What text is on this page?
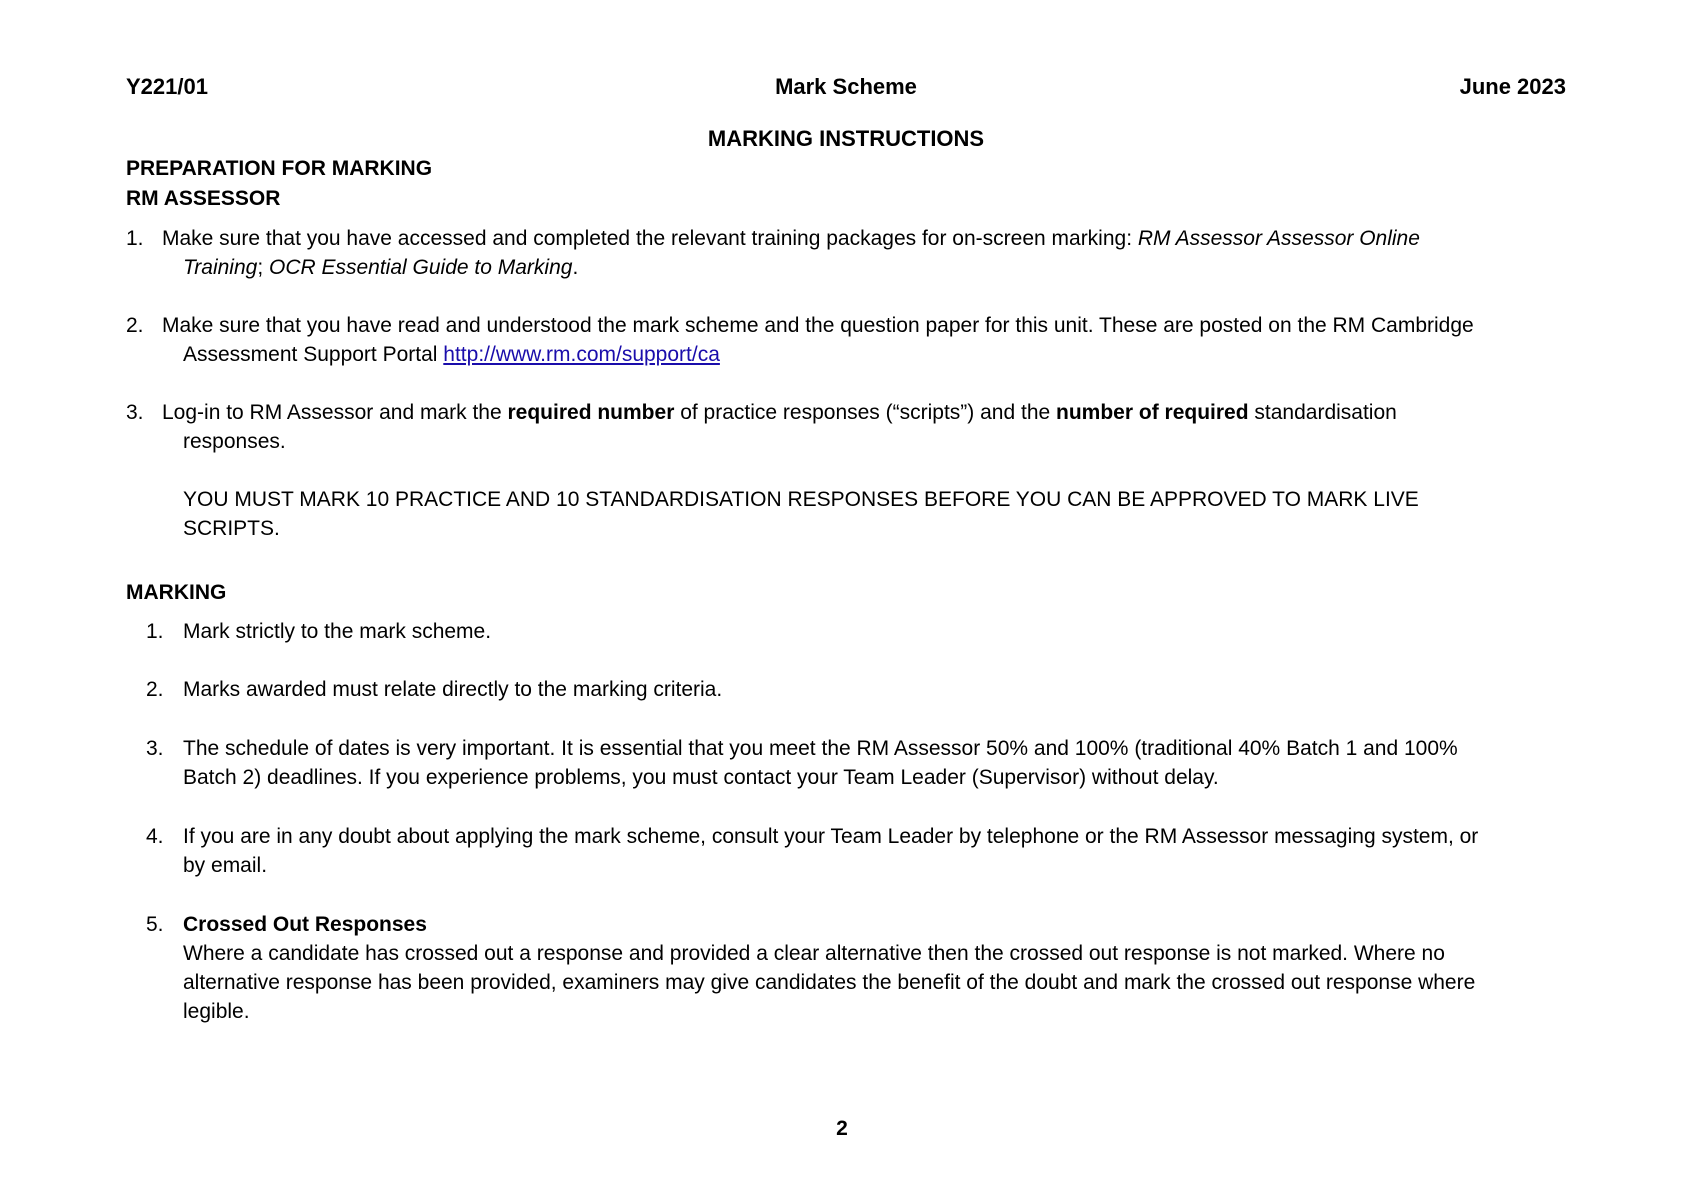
Y221/01	Mark Scheme	June 2023
MARKING INSTRUCTIONS
PREPARATION FOR MARKING
RM ASSESSOR
1. Make sure that you have accessed and completed the relevant training packages for on-screen marking: RM Assessor Assessor Online
Training; OCR Essential Guide to Marking.
2. Make sure that you have read and understood the mark scheme and the question paper for this unit. These are posted on the RM Cambridge
Assessment Support Portal http://www.rm.com/support/ca
3. Log-in to RM Assessor and mark the required number of practice responses (“scripts”) and the number of required standardisation
responses.
YOU MUST MARK 10 PRACTICE AND 10 STANDARDISATION RESPONSES BEFORE YOU CAN BE APPROVED TO MARK LIVE
SCRIPTS.
MARKING
1. Mark strictly to the mark scheme.
2. Marks awarded must relate directly to the marking criteria.
3. The schedule of dates is very important. It is essential that you meet the RM Assessor 50% and 100% (traditional 40% Batch 1 and 100%
Batch 2) deadlines. If you experience problems, you must contact your Team Leader (Supervisor) without delay.
4. If you are in any doubt about applying the mark scheme, consult your Team Leader by telephone or the RM Assessor messaging system, or
by email.
5. Crossed Out Responses
Where a candidate has crossed out a response and provided a clear alternative then the crossed out response is not marked. Where no
alternative response has been provided, examiners may give candidates the benefit of the doubt and mark the crossed out response where
legible.
2
